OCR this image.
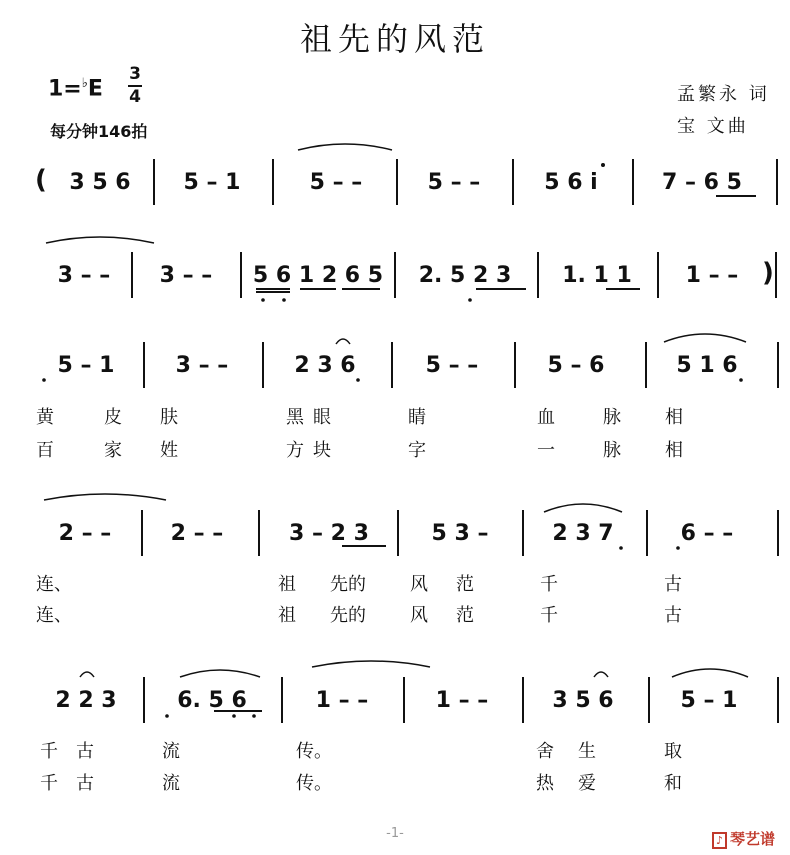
祖先的风范
1=♭E
3
4
每分钟146拍
孟繁永 词
宝 文曲
(	3 5 6	5 – 1	5 – –	5 – –	5 6 i	7 – 6 5
3 – –	3 – –	5 6 1 2 6 5	2. 5 2 3	1. 1 1	1 – – )
5 – 1	3 – –	2 3 6	5 – –	5 – 6	5 1 6
黄	皮 肤	黑 眼	睛	血	脉 相
百	家 姓	方 块	字	一	脉 相
2 – –	2 – –	3 – 2 3	5 3 –	2 3 7	6 – –
连、	祖 先的 风 范	千	古
连、	祖 先的 风 范	千	古
2 2 3	6. 5 6	1 – –	1 – –	3 5 6	5 – 1
千 古	流	传。	舍 生	取
千 古	流	传。	热 爱	和
-1-	♪ 琴艺谱
